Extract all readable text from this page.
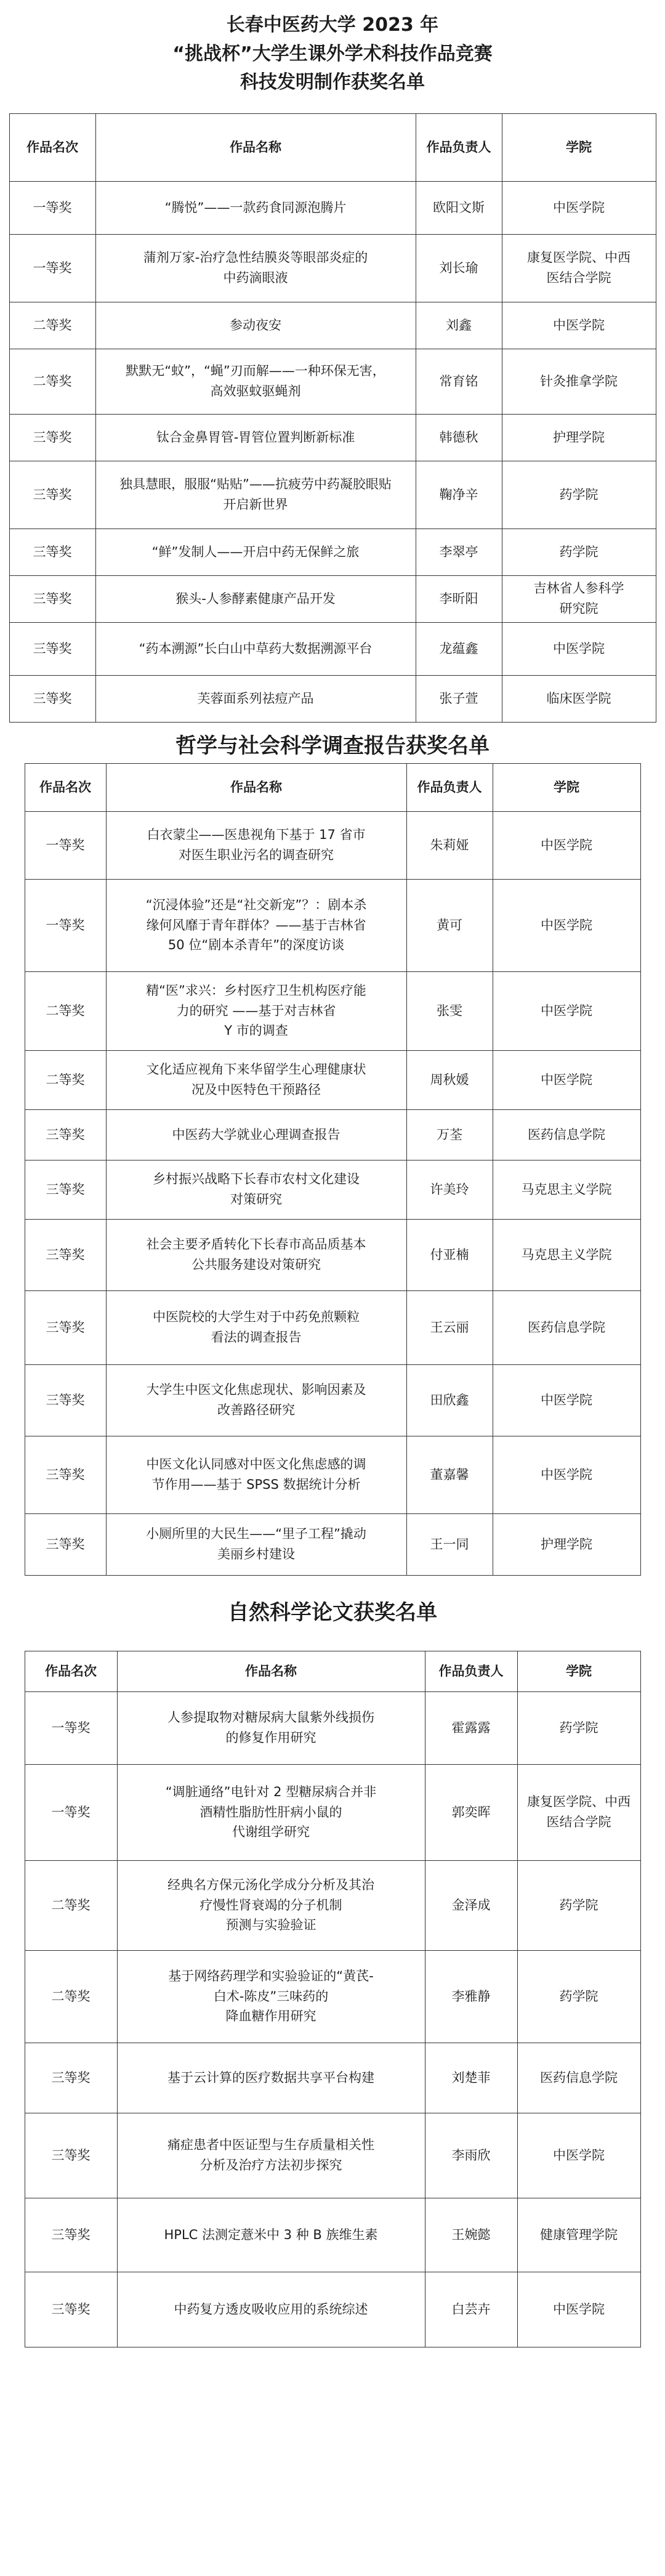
长春中医药大学 2023 年
“挑战杯”大学生课外学术科技作品竞赛
科技发明制作获奖名单
作品名次	作品名称	作品负责人	学院
一等奖	“腾悦”——一款药食同源泡腾片	欧阳文斯	中医学院
一等奖	蒲剂万家-治疗急性结膜炎等眼部炎症的
中药滴眼液	刘长瑜	康复医学院、中西
医结合学院
二等奖	参动夜安	刘鑫	中医学院
二等奖	默默无“蚊”，“蝇”刃而解——一种环保无害，
高效驱蚊驱蝇剂	常育铭	针灸推拿学院
三等奖	钛合金鼻胃管-胃管位置判断新标准	韩德秋	护理学院
三等奖	独具慧眼，服服“贴贴”——抗疲劳中药凝胶眼贴
开启新世界	鞠净辛	药学院
三等奖	“鲜”发制人——开启中药无保鲜之旅	李翠亭	药学院
三等奖	猴头-人参酵素健康产品开发	李昕阳	吉林省人参科学
研究院
三等奖	“药本溯源”长白山中草药大数据溯源平台	龙蕴鑫	中医学院
三等奖	芙蓉面系列祛痘产品	张子萱	临床医学院
哲学与社会科学调查报告获奖名单
作品名次	作品名称	作品负责人	学院
一等奖	白衣蒙尘——医患视角下基于 17 省市
对医生职业污名的调查研究	朱莉娅	中医学院
一等奖	“沉浸体验”还是“社交新宠”？：剧本杀
缘何风靡于青年群体？——基于吉林省
50 位“剧本杀青年”的深度访谈	黄可	中医学院
二等奖	精“医”求兴：乡村医疗卫生机构医疗能
力的研究 ——基于对吉林省
Y 市的调查	张雯	中医学院
二等奖	文化适应视角下来华留学生心理健康状
况及中医特色干预路径	周秋媛	中医学院
三等奖	中医药大学就业心理调查报告	万荃	医药信息学院
三等奖	乡村振兴战略下长春市农村文化建设
对策研究	许美玲	马克思主义学院
三等奖	社会主要矛盾转化下长春市高品质基本
公共服务建设对策研究	付亚楠	马克思主义学院
三等奖	中医院校的大学生对于中药免煎颗粒
看法的调查报告	王云丽	医药信息学院
三等奖	大学生中医文化焦虑现状、影响因素及
改善路径研究	田欣鑫	中医学院
三等奖	中医文化认同感对中医文化焦虑感的调
节作用——基于 SPSS 数据统计分析	董嘉馨	中医学院
三等奖	小厕所里的大民生——“里子工程”撬动
美丽乡村建设	王一同	护理学院
自然科学论文获奖名单
作品名次	作品名称	作品负责人	学院
一等奖	人参提取物对糖尿病大鼠紫外线损伤
的修复作用研究	霍露露	药学院
一等奖	“调脏通络”电针对 2 型糖尿病合并非
酒精性脂肪性肝病小鼠的
代谢组学研究	郭奕晖	康复医学院、中西
医结合学院
二等奖	经典名方保元汤化学成分分析及其治
疗慢性肾衰竭的分子机制
预测与实验验证	金泽成	药学院
二等奖	基于网络药理学和实验验证的“黄芪-
白术-陈皮”三味药的
降血糖作用研究	李雅静	药学院
三等奖	基于云计算的医疗数据共享平台构建	刘楚菲	医药信息学院
三等奖	痛症患者中医证型与生存质量相关性
分析及治疗方法初步探究	李雨欣	中医学院
三等奖	HPLC 法测定薏米中 3 种 B 族维生素	王婉懿	健康管理学院
三等奖	中药复方透皮吸收应用的系统综述	白芸卉	中医学院
